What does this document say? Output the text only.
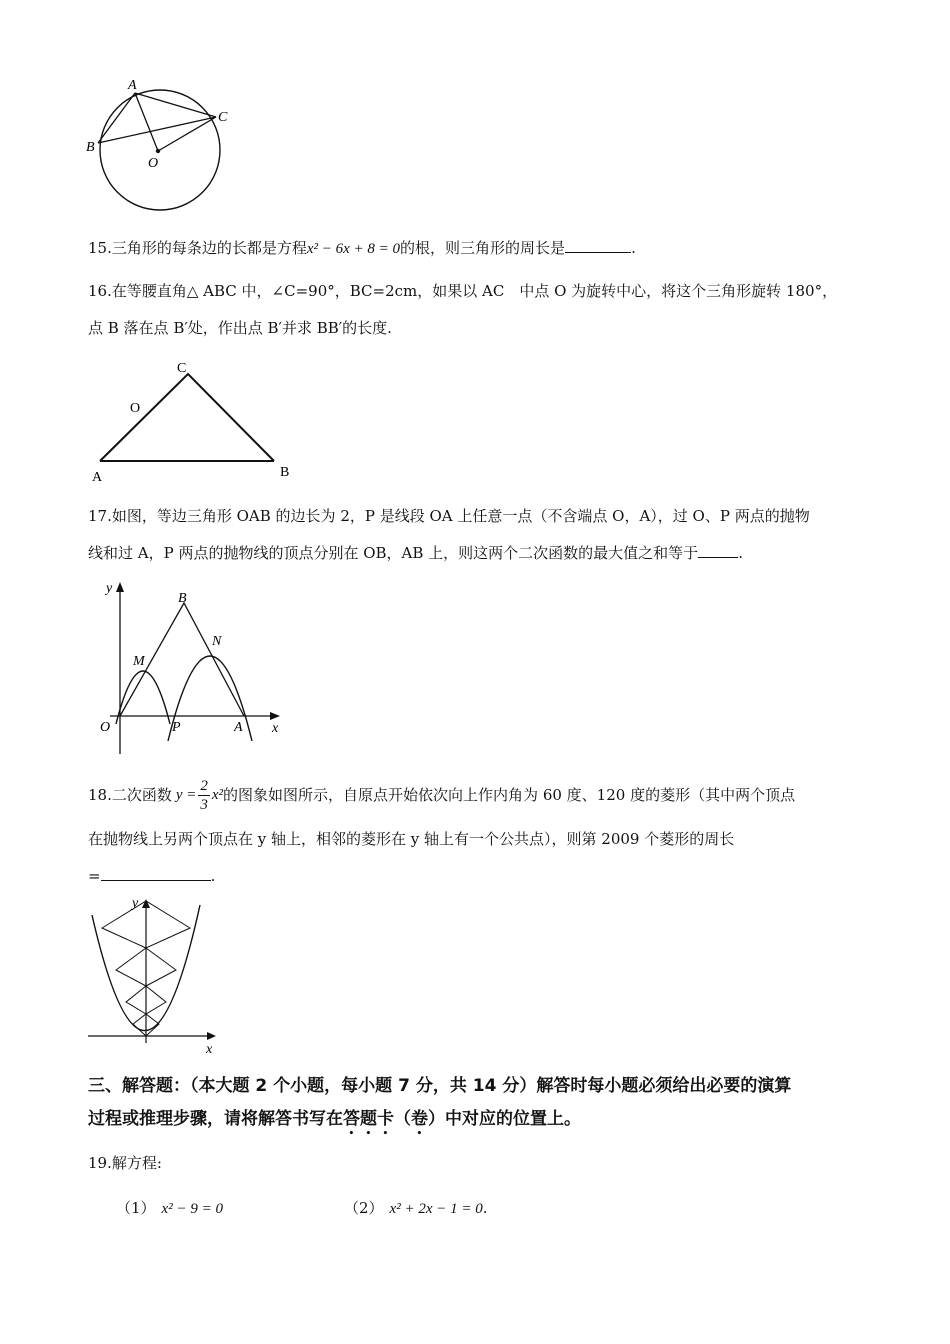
A
B
C
O
15.三角形的每条边的长都是方程x² − 6x + 8 = 0的根，则三角形的周长是	.
16.在等腰直角△ ABC 中，∠C=90°，BC=2cm，如果以 AC　中点 O 为旋转中心，将这个三角形旋转 180°，
点 B 落在点 B′处，作出点 B′并求 BB′的长度.
C
O
A	B
17.如图，等边三角形 OAB 的边长为 2，P 是线段 OA 上任意一点（不含端点 O，A），过 O、P 两点的抛物
线和过 A，P 两点的抛物线的顶点分别在 OB，AB 上，则这两个二次函数的最大值之和等于	.
y
x
O	P	A
B
M
N
18.二次函数 $y = \frac{2}{3} x^2$ 的图象如图所示，自原点开始依次向上作内角为 60 度、120 度的菱形（其中两个顶点
在抛物线上另两个顶点在 y 轴上，相邻的菱形在 y 轴上有一个公共点），则第 2009 个菱形的周长
=	.
y
x
三、解答题：（本大题 2 个小题，每小题 7 分，共 14 分）解答时每小题必须给出必要的演算
过程或推理步骤，请将解答书写在答题卡（卷）中对应的位置上。
19.解方程:
（1） x² − 9 = 0	（2） x² + 2x − 1 = 0.
